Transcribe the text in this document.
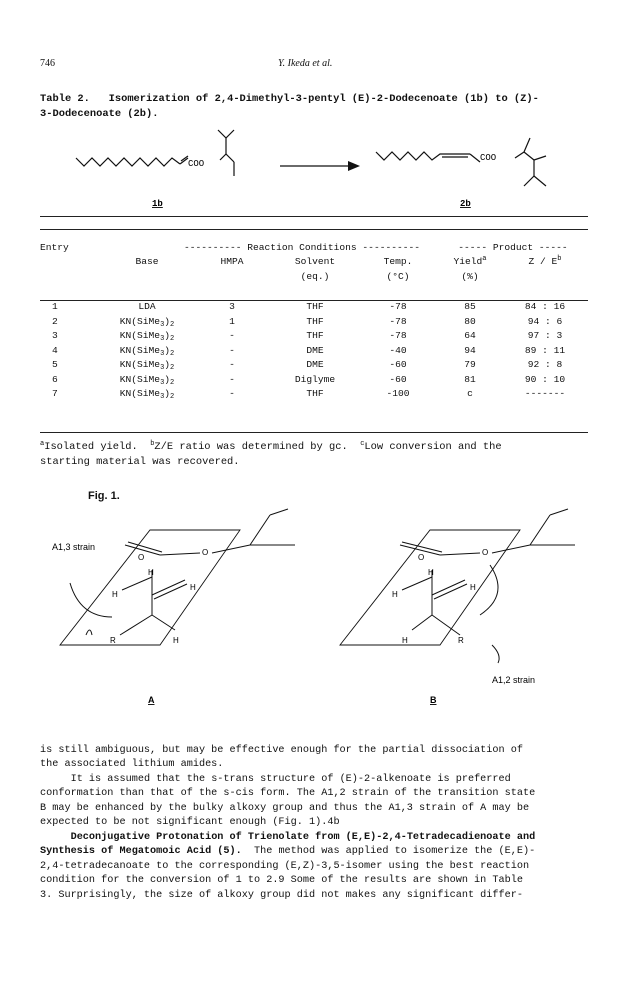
746	Y. Ikeda et al.
Table 2. Isomerization of 2,4-Dimethyl-3-pentyl (E)-2-Dodecenoate (1b) to (Z)-
3-Dodecenoate (2b).
COO
COO
1b	2b
Entry	---------- Reaction Conditions ----------				----- Product -----	
	Base	HMPA	Solvent	Temp.	Yield$^a$	Z / $E^b$
			(eq.)	(°C)	(%)	

1	LDA	3	THF	-78	85	84 : 16
2	$KN(SiMe_3)_2$	1	THF	-78	80	94 : 6
3	$KN(SiMe_3)_2$	-	THF	-78	64	97 : 3
4	$KN(SiMe_3)_2$	-	DME	-40	94	89 : 11
5	$KN(SiMe_3)_2$	-	DME	-60	79	92 : 8
6	$KN(SiMe_3)_2$	-	Diglyme	-60	81	90 : 10
7	$KN(SiMe_3)_2$	-	THF	-100	c	-------
$^a$Isolated yield. $^b$Z/E ratio was determined by gc. $^c$Low conversion and the
starting material was recovered.
Fig. 1.
A1,3 strain
O
O
H
H
H
R	H
O
O
H
H
H
H	R
A1,2 strain
A	B
is still ambiguous, but may be effective enough for the partial dissociation of
the associated lithium amides.
It is assumed that the s-trans structure of (E)-2-alkenoate is preferred
conformation than that of the s-cis form. The A1,2 strain of the transition state
B may be enhanced by the bulky alkoxy group and thus the A1,3 strain of A may be
expected to be not significant enough (Fig. 1).4b
Deconjugative Protonation of Trienolate from (E,E)-2,4-Tetradecadienoate and
Synthesis of Megatomoic Acid (5). The method was applied to isomerize the (E,E)-
2,4-tetradecanoate to the corresponding (E,Z)-3,5-isomer using the best reaction
condition for the conversion of 1 to 2.9 Some of the results are shown in Table
3. Surprisingly, the size of alkoxy group did not makes any significant differ-
